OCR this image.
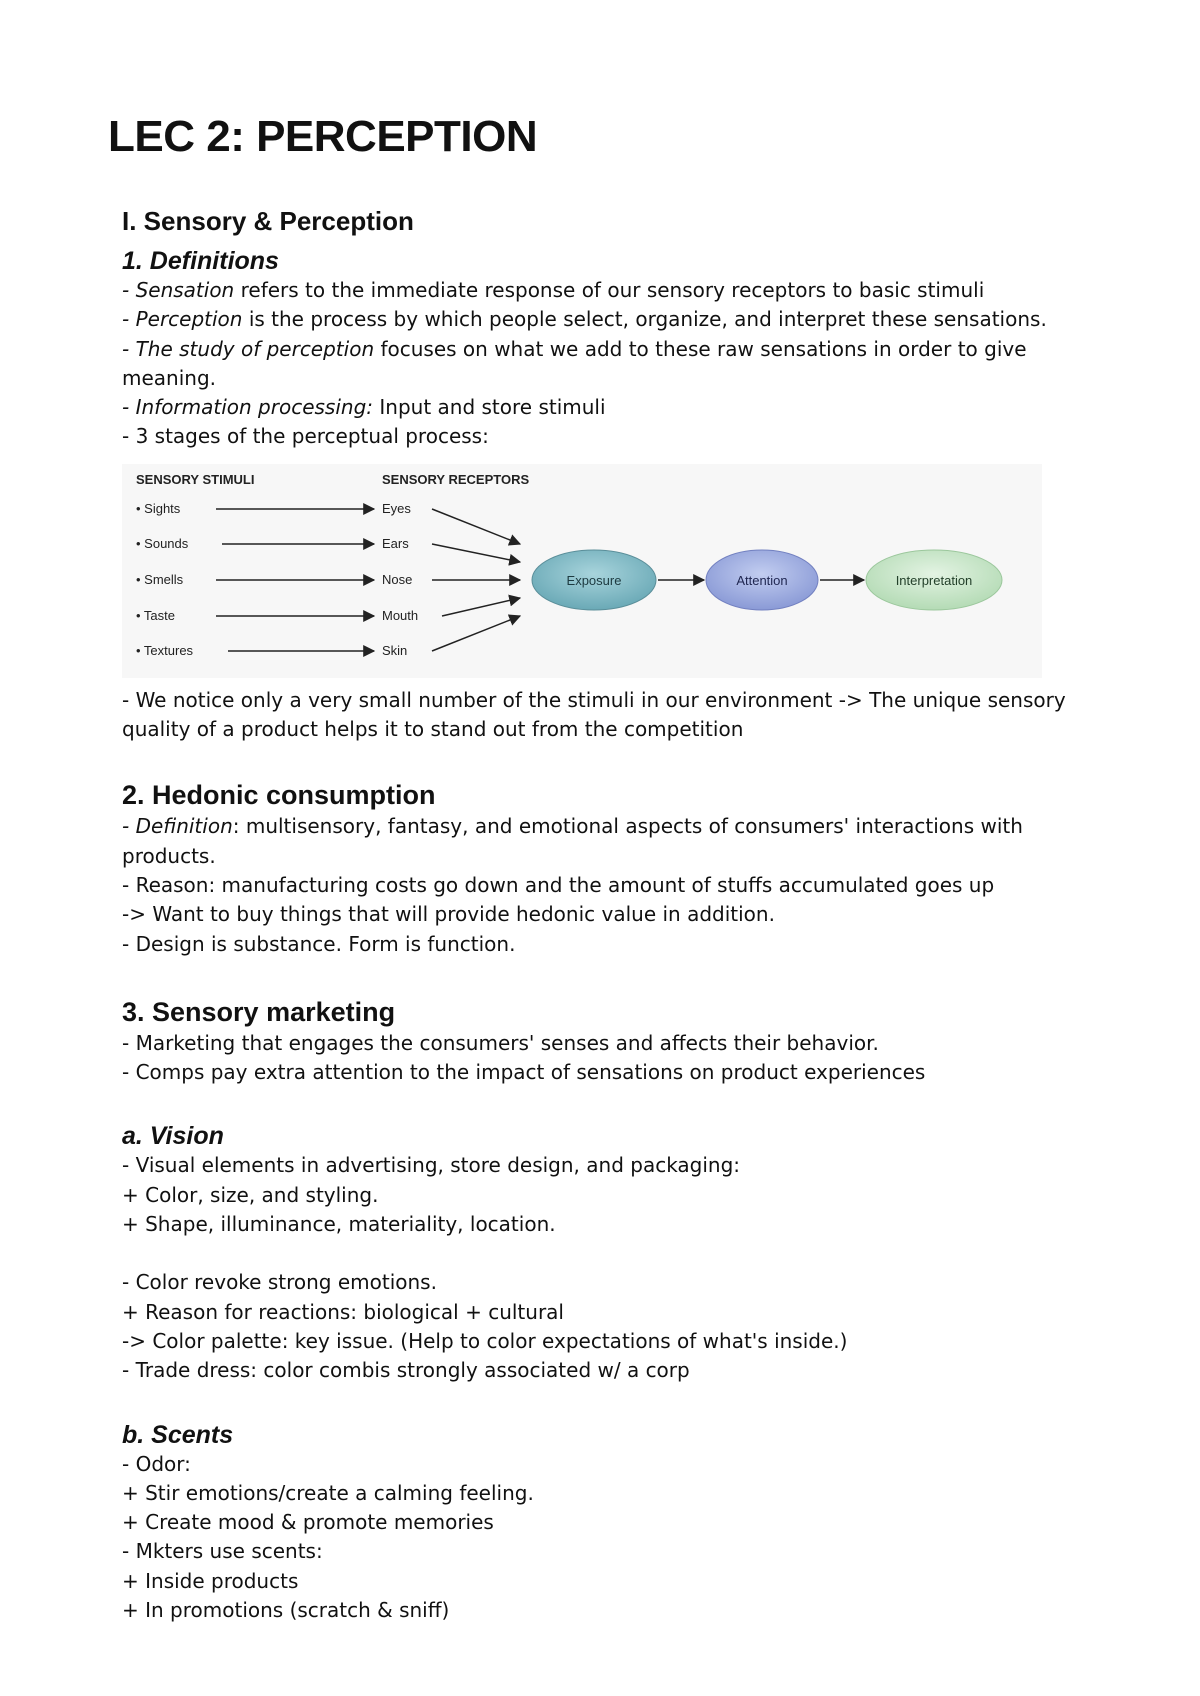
LEC 2: PERCEPTION
I. Sensory & Perception
1. Definitions
- Sensation refers to the immediate response of our sensory receptors to basic stimuli
- Perception is the process by which people select, organize, and interpret these sensations.
- The study of perception focuses on what we add to these raw sensations in order to give meaning.
- Information processing: Input and store stimuli
- 3 stages of the perceptual process:
SENSORY STIMULI	SENSORY RECEPTORS
• Sights
• Sounds
• Smells
• Taste
• Textures
Eyes
Ears
Nose
Mouth
Skin
Exposure	Attention	Interpretation
- We notice only a very small number of the stimuli in our environment -> The unique sensory quality of a product helps it to stand out from the competition
2. Hedonic consumption
- Definition: multisensory, fantasy, and emotional aspects of consumers' interactions with products.
- Reason: manufacturing costs go down and the amount of stuffs accumulated goes up
-> Want to buy things that will provide hedonic value in addition.
- Design is substance. Form is function.
3. Sensory marketing
- Marketing that engages the consumers' senses and affects their behavior.
- Comps pay extra attention to the impact of sensations on product experiences
a. Vision
- Visual elements in advertising, store design, and packaging:
+ Color, size, and styling.
+ Shape, illuminance, materiality, location.
- Color revoke strong emotions.
+ Reason for reactions: biological + cultural
-> Color palette: key issue. (Help to color expectations of what's inside.)
- Trade dress: color combis strongly associated w/ a corp
b. Scents
- Odor:
+ Stir emotions/create a calming feeling.
+ Create mood & promote memories
- Mkters use scents:
+ Inside products
+ In promotions (scratch & sniff)
